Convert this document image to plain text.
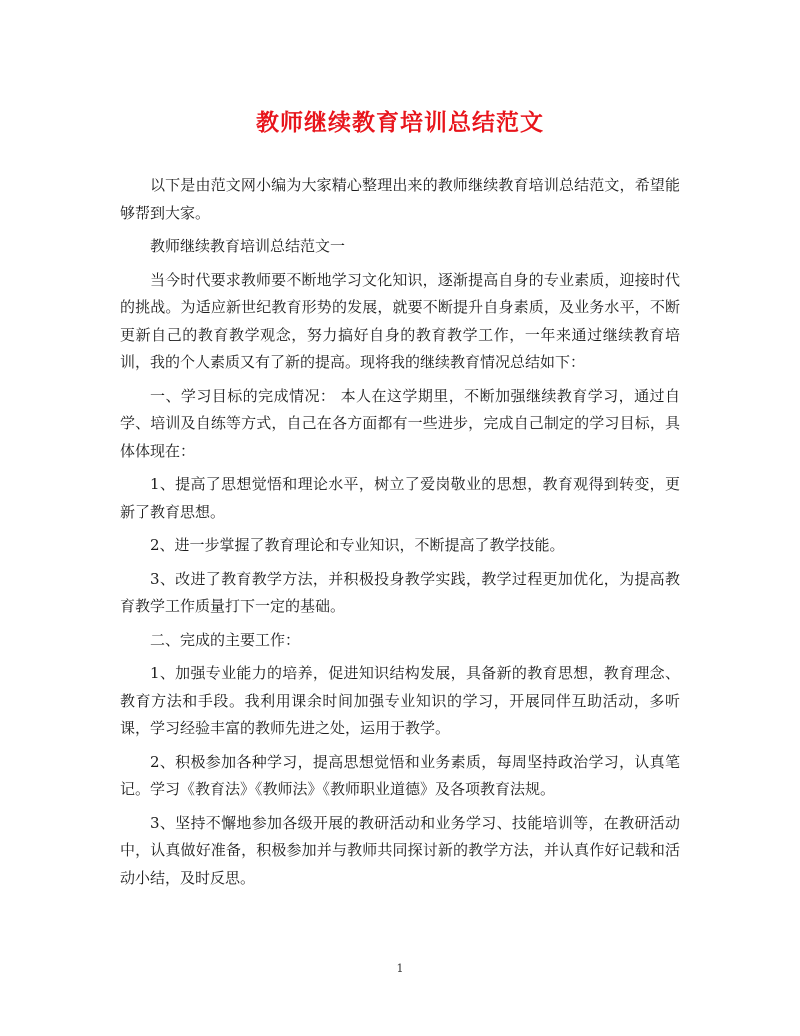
教师继续教育培训总结范文

以下是由范文网小编为大家精心整理出来的教师继续教育培训总结范文，希望能够帮到大家。

教师继续教育培训总结范文一

当今时代要求教师要不断地学习文化知识，逐渐提高自身的专业素质，迎接时代的挑战。为适应新世纪教育形势的发展，就要不断提升自身素质，及业务水平，不断更新自己的教育教学观念，努力搞好自身的教育教学工作，一年来通过继续教育培训，我的个人素质又有了新的提高。现将我的继续教育情况总结如下：

一、学习目标的完成情况： 本人在这学期里，不断加强继续教育学习，通过自学、培训及自练等方式，自己在各方面都有一些进步，完成自己制定的学习目标，具体体现在：

1、提高了思想觉悟和理论水平，树立了爱岗敬业的思想，教育观得到转变，更新了教育思想。

2、进一步掌握了教育理论和专业知识，不断提高了教学技能。

3、改进了教育教学方法，并积极投身教学实践，教学过程更加优化，为提高教育教学工作质量打下一定的基础。

二、完成的主要工作：

1、加强专业能力的培养，促进知识结构发展，具备新的教育思想，教育理念、教育方法和手段。我利用课余时间加强专业知识的学习，开展同伴互助活动，多听课，学习经验丰富的教师先进之处，运用于教学。

2、积极参加各种学习，提高思想觉悟和业务素质，每周坚持政治学习，认真笔记。学习《教育法》《教师法》《教师职业道德》及各项教育法规。

3、坚持不懈地参加各级开展的教研活动和业务学习、技能培训等，在教研活动中，认真做好准备，积极参加并与教师共同探讨新的教学方法，并认真作好记载和活动小结，及时反思。

1
